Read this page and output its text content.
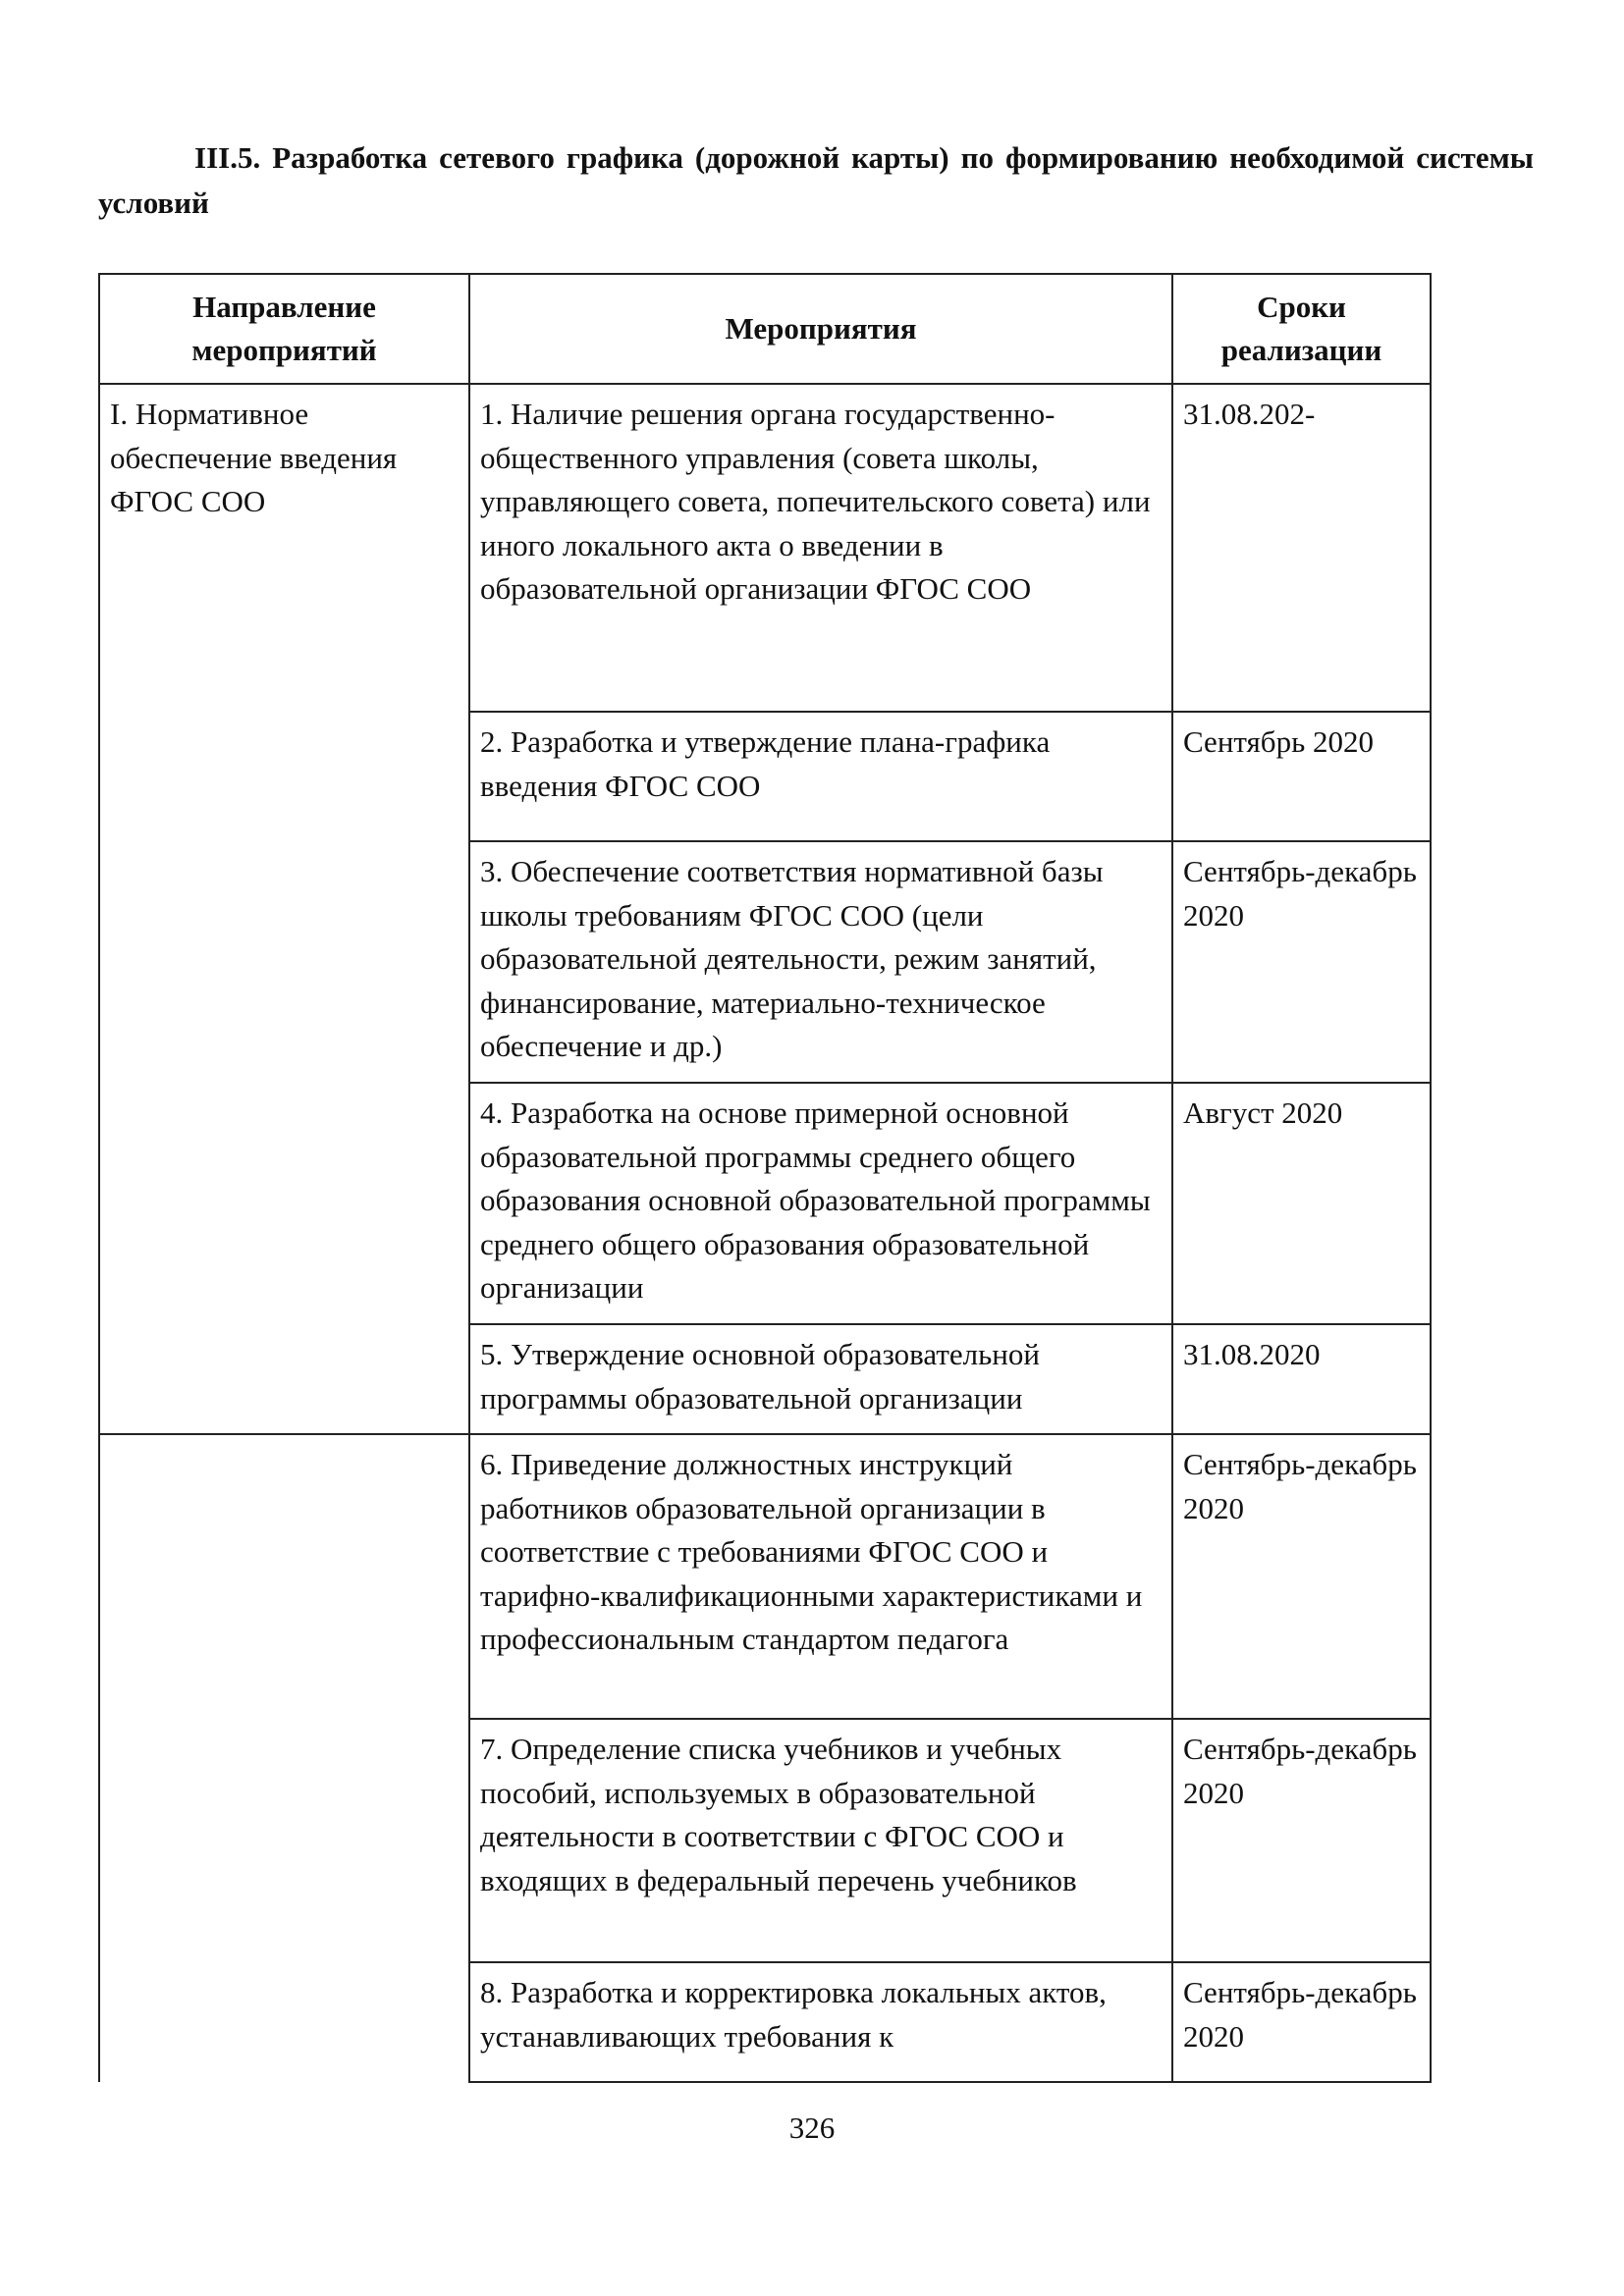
III.5. Разработка сетевого графика (дорожной карты) по формированию необходимой системы условий
Направление мероприятий	Мероприятия	Сроки реализации
I. Нормативное обеспечение введения ФГОС СОО	1. Наличие решения органа государственно-общественного управления (совета школы, управляющего совета, попечительского совета) или иного локального акта о введении в образовательной организации ФГОС СОО	31.08.202-
	2. Разработка и утверждение плана-графика введения ФГОС СОО	Сентябрь 2020
	3. Обеспечение соответствия нормативной базы школы требованиям ФГОС СОО (цели образовательной деятельности, режим занятий, финансирование, материально-техническое обеспечение и др.)	Сентябрь-декабрь 2020
	4. Разработка на основе примерной основной образовательной программы среднего общего образования основной образовательной программы среднего общего образования образовательной организации	Август 2020
	5. Утверждение основной образовательной программы образовательной организации	31.08.2020
	6. Приведение должностных инструкций работников образовательной организации в соответствие с требованиями ФГОС СОО и тарифно-квалификационными характеристиками и профессиональным стандартом педагога	Сентябрь-декабрь 2020
	7. Определение списка учебников и учебных пособий, используемых в образовательной деятельности в соответствии с ФГОС СОО и входящих в федеральный перечень учебников	Сентябрь-декабрь 2020
	8. Разработка и корректировка локальных актов, устанавливающих требования к	Сентябрь-декабрь 2020
326
